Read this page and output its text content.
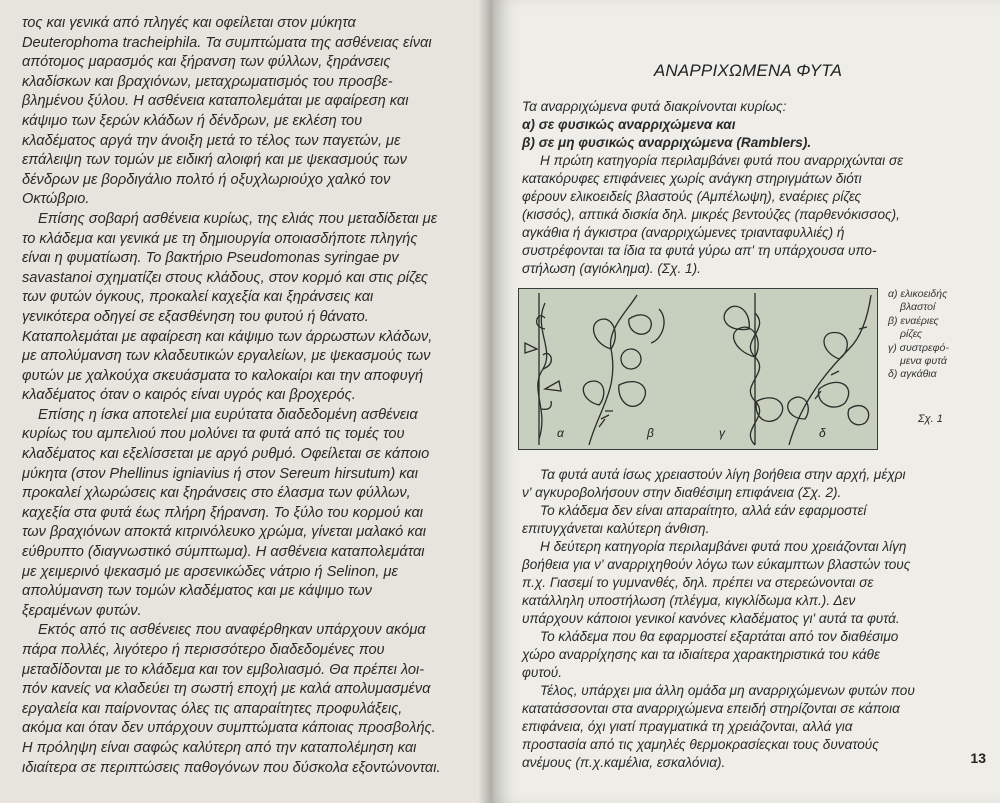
τος και γενικά από πληγές και οφείλεται στον μύκητα
Deuterophoma tracheiphila. Τα συμπτώματα της ασθένειας είναι
απότομος μαρασμός και ξήρανση των φύλλων, ξηράνσεις
κλαδίσκων και βραχιόνων, μεταχρωματισμός του προσβε-
βλημένου ξύλου. Η ασθένεια καταπολεμάται με αφαίρεση και
κάψιμο των ξερών κλάδων ή δένδρων, με εκλέση του
κλαδέματος αργά την άνοιξη μετά το τέλος των παγετών, με
επάλειψη των τομών με ειδική αλοιφή και με ψεκασμούς των
δένδρων με βορδιγάλιο πολτό ή οξυχλωριούχο χαλκό τον
Οκτώβριο.
Επίσης σοβαρή ασθένεια κυρίως, της ελιάς που μεταδίδεται με
το κλάδεμα και γενικά με τη δημιουργία οποιασδήποτε πληγής
είναι η φυματίωση. Το βακτήριο Pseudomonas syringae pv
savastanoi σχηματίζει στους κλάδους, στον κορμό και στις ρίζες
των φυτών όγκους, προκαλεί καχεξία και ξηράνσεις και
γενικότερα οδηγεί σε εξασθένηση του φυτού ή θάνατο.
Καταπολεμάται με αφαίρεση και κάψιμο των άρρωστων κλάδων,
με απολύμανση των κλαδευτικών εργαλείων, με ψεκασμούς των
φυτών με χαλκούχα σκευάσματα το καλοκαίρι και την αποφυγή
κλαδέματος όταν ο καιρός είναι υγρός και βροχερός.
Επίσης η ίσκα αποτελεί μια ευρύτατα διαδεδομένη ασθένεια
κυρίως του αμπελιού που μολύνει τα φυτά από τις τομές του
κλαδέματος και εξελίσσεται με αργό ρυθμό. Οφείλεται σε κάποιο
μύκητα (στον Phellinus igniavius ή στον Sereum hirsutum) και
προκαλεί χλωρώσεις και ξηράνσεις στο έλασμα των φύλλων,
καχεξία στα φυτά έως πλήρη ξήρανση. Το ξύλο του κορμού και
των βραχιόνων αποκτά κιτρινόλευκο χρώμα, γίνεται μαλακό και
εύθρυπτο (διαγνωστικό σύμπτωμα). Η ασθένεια καταπολεμάται
με χειμερινό ψεκασμό με αρσενικώδες νάτριο ή Selinon, με
απολύμανση των τομών κλαδέματος και με κάψιμο των
ξεραμένων φυτών.
Εκτός από τις ασθένειες που αναφέρθηκαν υπάρχουν ακόμα
πάρα πολλές, λιγότερο ή περισσότερο διαδεδομένες που
μεταδίδονται με το κλάδεμα και τον εμβολιασμό. Θα πρέπει λοι-
πόν κανείς να κλαδεύει τη σωστή εποχή με καλά απολυμασμένα
εργαλεία και παίρνοντας όλες τις απαραίτητες προφυλάξεις,
ακόμα και όταν δεν υπάρχουν συμπτώματα κάποιας προσβολής.
Η πρόληψη είναι σαφώς καλύτερη από την καταπολέμηση και
ιδιαίτερα σε περιπτώσεις παθογόνων που δύσκολα εξοντώνονται.
ΑΝΑΡΡΙΧΩΜΕΝΑ ΦΥΤΑ
Τα αναρριχώμενα φυτά διακρίνονται κυρίως:
α) σε φυσικώς αναρριχώμενα και
β) σε μη φυσικώς αναρριχώμενα (Ramblers).
Η πρώτη κατηγορία περιλαμβάνει φυτά που αναρριχώνται σε
κατακόρυφες επιφάνειες χωρίς ανάγκη στηριγμάτων διότι
φέρουν ελικοειδείς βλαστούς (Αμπέλωψη), εναέριες ρίζες
(κισσός), απτικά δισκία δηλ. μικρές βεντούζες (παρθενόκισσος),
αγκάθια ή άγκιστρα (αναρριχώμενες τριανταφυλλιές) ή
συστρέφονται τα ίδια τα φυτά γύρω απ' τη υπάρχουσα υπο-
στήλωση (αγιόκλημα). (Σχ. 1).
α	β	γ	δ
α) ελικοειδής
βλαστοί
β) εναέριες
ρίζες
γ) συστρεφό-
μενα φυτά
δ) αγκάθια
Σχ. 1
Τα φυτά αυτά ίσως χρειαστούν λίγη βοήθεια στην αρχή, μέχρι
ν' αγκυροβολήσουν στην διαθέσιμη επιφάνεια (Σχ. 2).
Το κλάδεμα δεν είναι απαραίτητο, αλλά εάν εφαρμοστεί
επιτυγχάνεται καλύτερη άνθιση.
Η δεύτερη κατηγορία περιλαμβάνει φυτά που χρειάζονται λίγη
βοήθεια για ν' αναρριχηθούν λόγω των εύκαμπτων βλαστών τους
π.χ. Γιασεμί το γυμνανθές, δηλ. πρέπει να στερεώνονται σε
κατάλληλη υποστήλωση (πλέγμα, κιγκλίδωμα κλπ.). Δεν
υπάρχουν κάποιοι γενικοί κανόνες κλαδέματος γι' αυτά τα φυτά.
Το κλάδεμα που θα εφαρμοστεί εξαρτάται από τον διαθέσιμο
χώρο αναρρίχησης και τα ιδιαίτερα χαρακτηριστικά του κάθε
φυτού.
Τέλος, υπάρχει μια άλλη ομάδα μη αναρριχώμενων φυτών που
κατατάσσονται στα αναρριχώμενα επειδή στηρίζονται σε κάποια
επιφάνεια, όχι γιατί πραγματικά τη χρειάζονται, αλλά για
προστασία από τις χαμηλές θερμοκρασίεςκαι τους δυνατούς
ανέμους (π.χ.καμέλια, εσκαλόνια).	13
